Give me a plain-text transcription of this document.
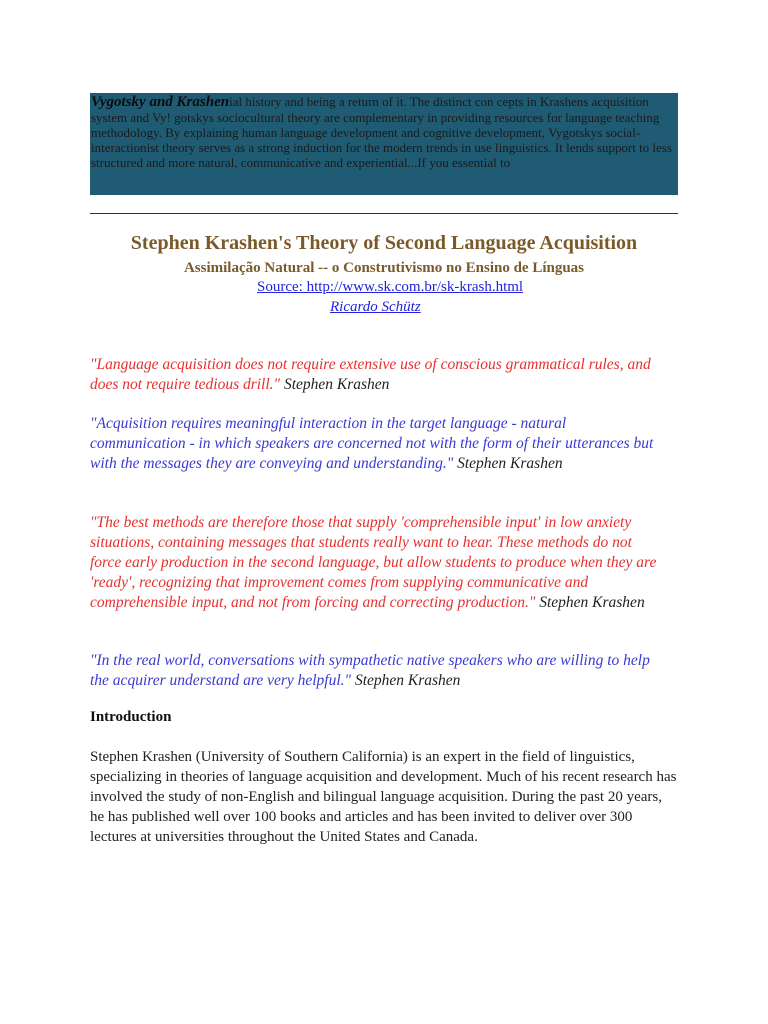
Vygotsky and Krashenial history and being a return of it. The distinct con cepts in Krashens acquisition system and Vy! gotskys sociocultural theory are complementary in providing resources for language teaching methodology. By explaining human language development and cognitive development, Vygotskys social-interactionist theory serves as a strong induction for the modern trends in use linguistics. It lends support to less structured and more natural, communicative and experiential...If you essential to
Stephen Krashen's Theory of Second Language Acquisition
Assimilação Natural -- o Construtivismo no Ensino de Línguas
Source: http://www.sk.com.br/sk-krash.html
Ricardo Schütz
"Language acquisition does not require extensive use of conscious grammatical rules, and does not require tedious drill." Stephen Krashen
"Acquisition requires meaningful interaction in the target language - natural communication - in which speakers are concerned not with the form of their utterances but with the messages they are conveying and understanding." Stephen Krashen
"The best methods are therefore those that supply 'comprehensible input' in low anxiety situations, containing messages that students really want to hear. These methods do not force early production in the second language, but allow students to produce when they are 'ready', recognizing that improvement comes from supplying communicative and comprehensible input, and not from forcing and correcting production." Stephen Krashen
"In the real world, conversations with sympathetic native speakers who are willing to help the acquirer understand are very helpful." Stephen Krashen
Introduction
Stephen Krashen (University of Southern California) is an expert in the field of linguistics, specializing in theories of language acquisition and development. Much of his recent research has involved the study of non-English and bilingual language acquisition. During the past 20 years, he has published well over 100 books and articles and has been invited to deliver over 300 lectures at universities throughout the United States and Canada.
